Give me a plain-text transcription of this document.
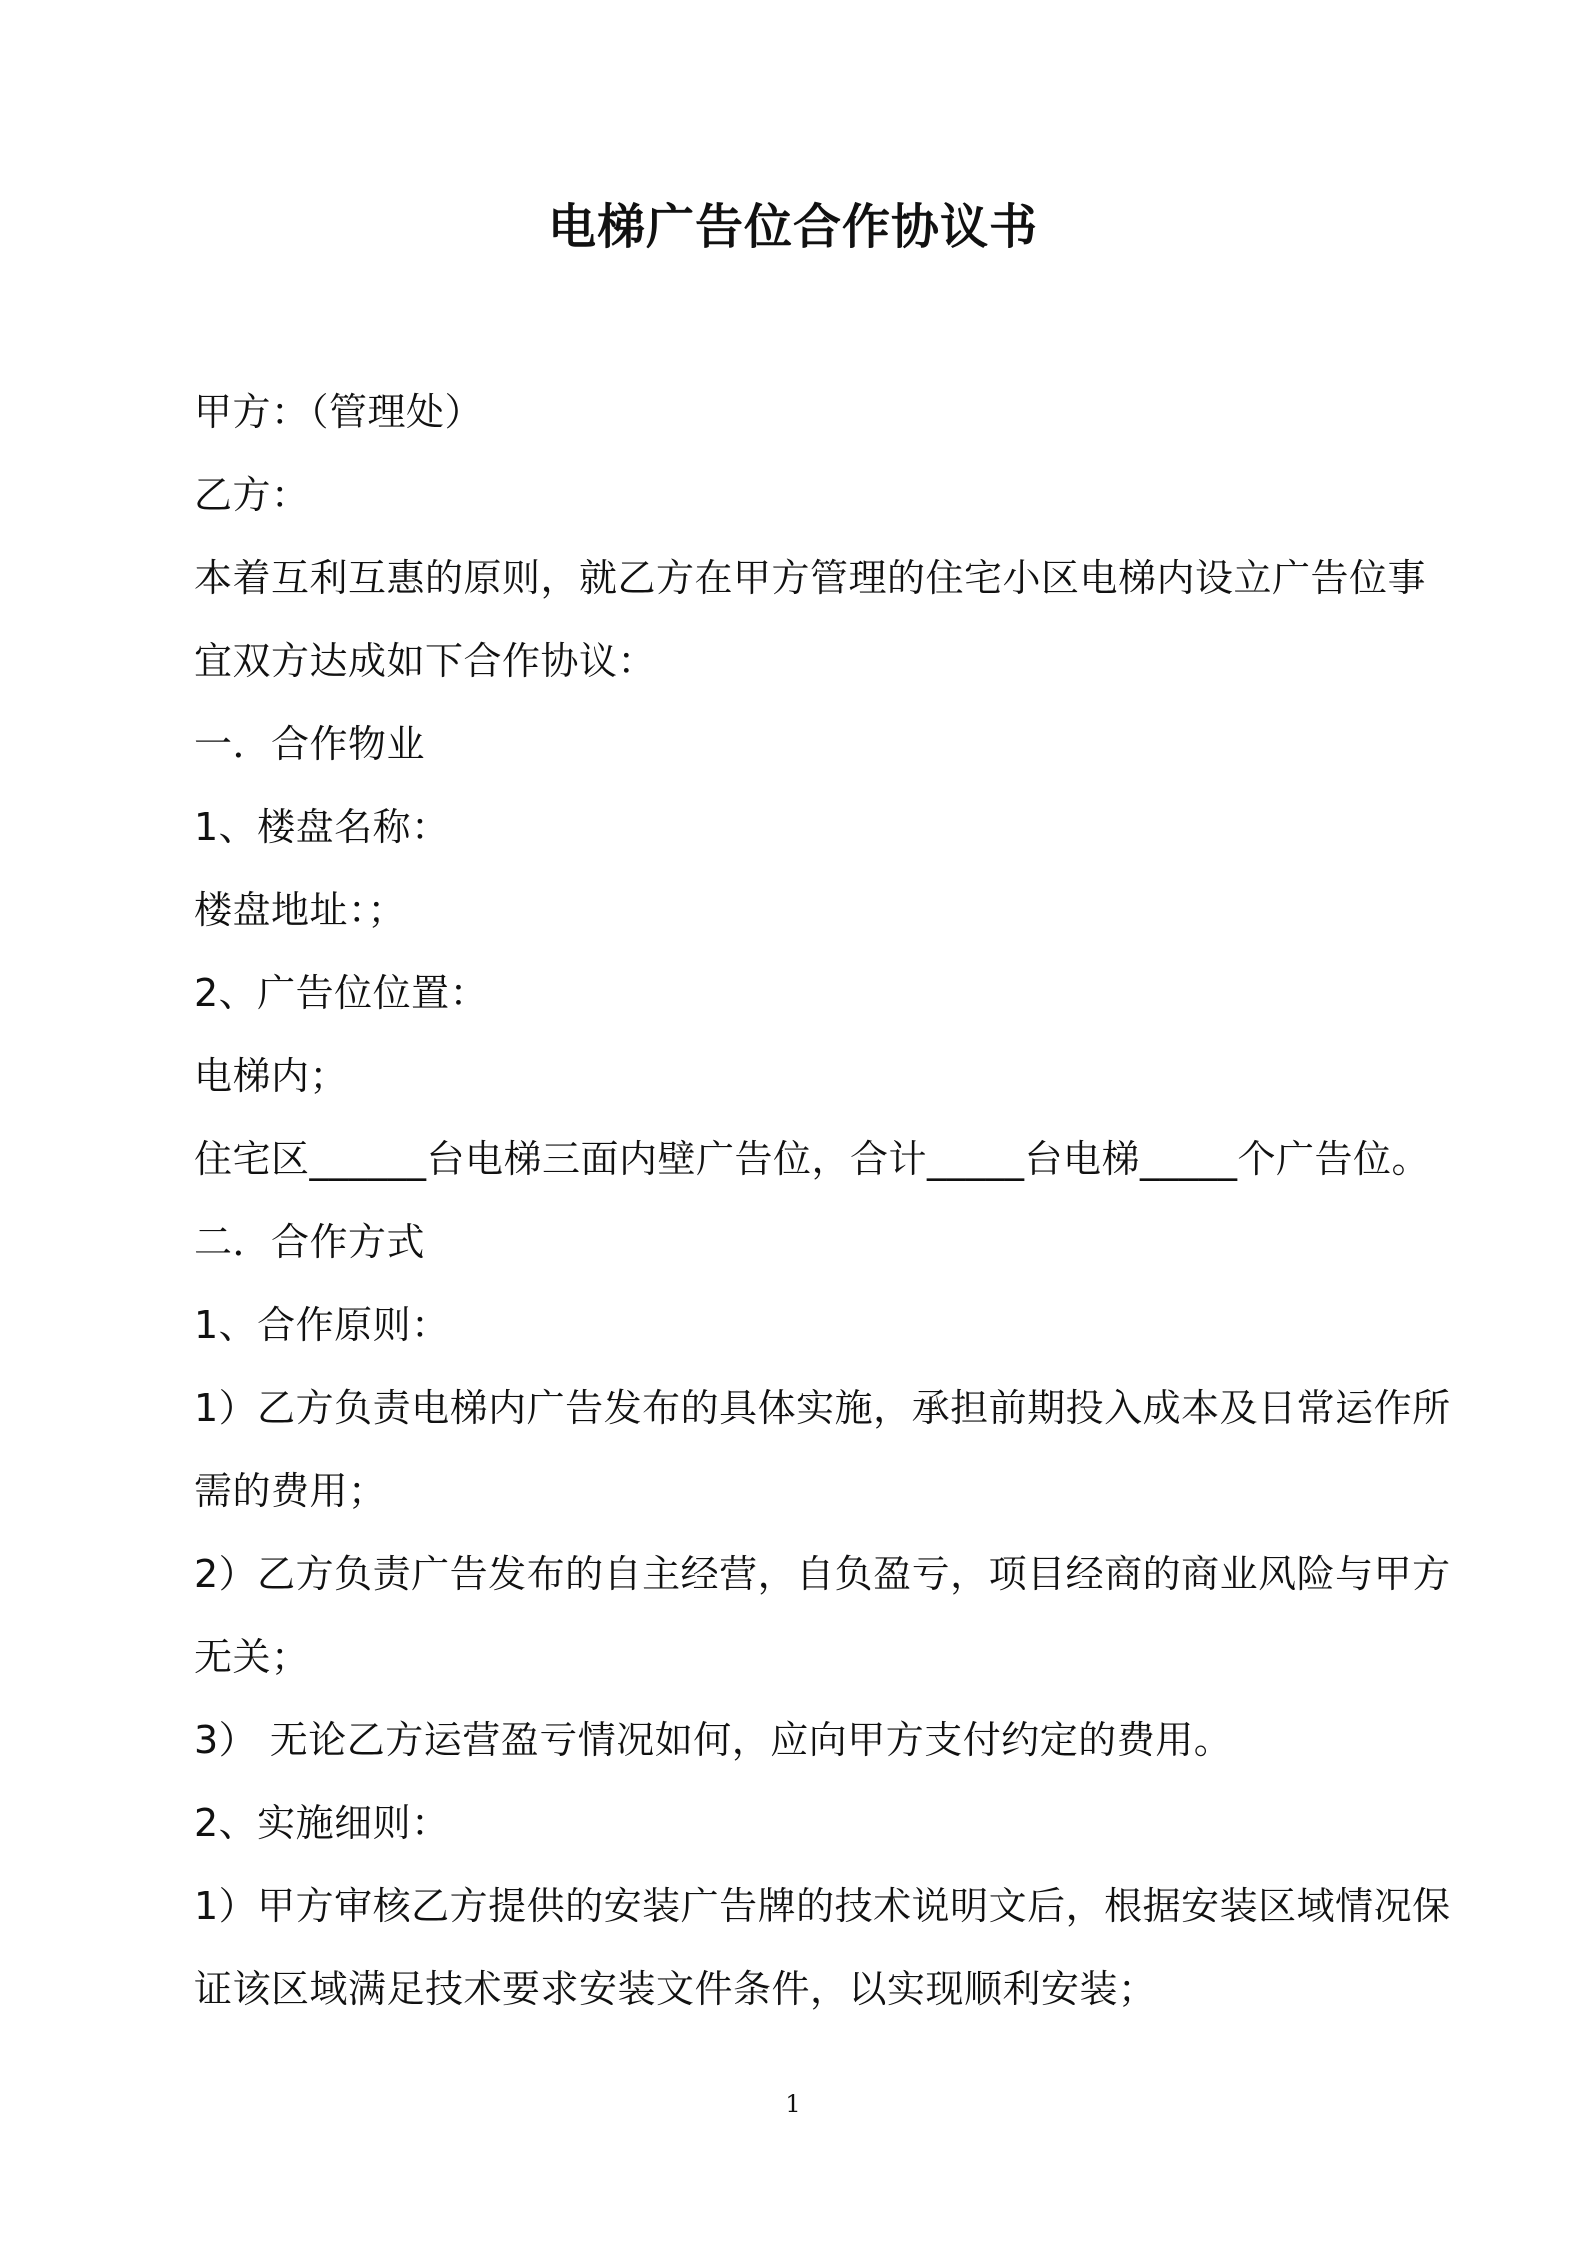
电梯广告位合作协议书
甲方：（管理处）
乙方：
本着互利互惠的原则，就乙方在甲方管理的住宅小区电梯内设立广告位事
宜双方达成如下合作协议：
一．合作物业
1、楼盘名称：
楼盘地址：；
2、广告位位置：
电梯内；
住宅区______台电梯三面内壁广告位，合计_____台电梯_____个广告位。
二．合作方式
1、合作原则：
1）乙方负责电梯内广告发布的具体实施，承担前期投入成本及日常运作所
需的费用；
2）乙方负责广告发布的自主经营，自负盈亏，项目经商的商业风险与甲方
无关；
3） 无论乙方运营盈亏情况如何，应向甲方支付约定的费用。
2、实施细则：
1）甲方审核乙方提供的安装广告牌的技术说明文后，根据安装区域情况保
证该区域满足技术要求安装文件条件，以实现顺利安装；
1
